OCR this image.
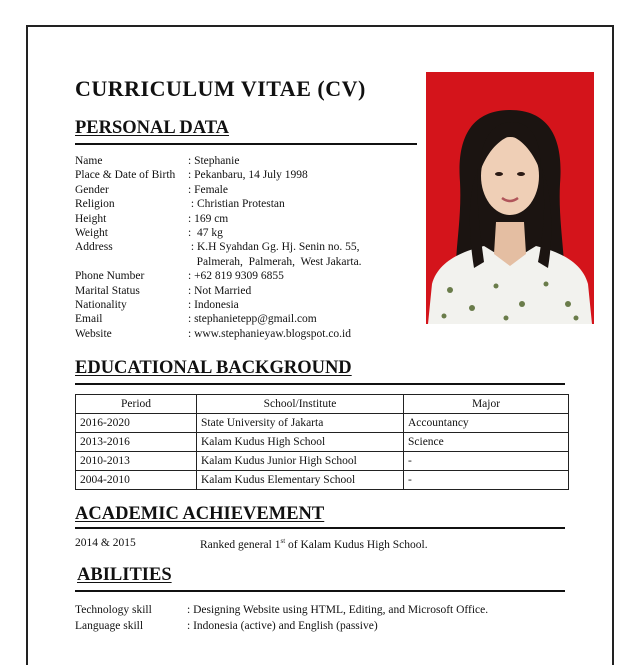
CURRICULUM VITAE (CV)
PERSONAL DATA
Name	: Stephanie
Place & Date of Birth	: Pekanbaru, 14 July 1998
Gender	: Female
Religion	: Christian Protestan
Height	: 169 cm
Weight	:  47 kg
Address	: K.H Syahdan Gg. Hj. Senin no. 55,
Palmerah,  Palmerah,  West Jakarta.
Phone Number	: +62 819 9309 6855
Marital Status	: Not Married
Nationality	: Indonesia
Email	: stephanietepp@gmail.com
Website	: www.stephanieyaw.blogspot.co.id
EDUCATIONAL BACKGROUND
Period	School/Institute	Major
2016-2020	State University of Jakarta	Accountancy
2013-2016	Kalam Kudus High School	Science
2010-2013	Kalam Kudus Junior High School	-
2004-2010	Kalam Kudus Elementary School	-
ACADEMIC ACHIEVEMENT
2014 & 2015	Ranked general 1st of Kalam Kudus High School.
ABILITIES
Technology skill	: Designing Website using HTML, Editing, and Microsoft Office.
Language skill	: Indonesia (active) and English (passive)
